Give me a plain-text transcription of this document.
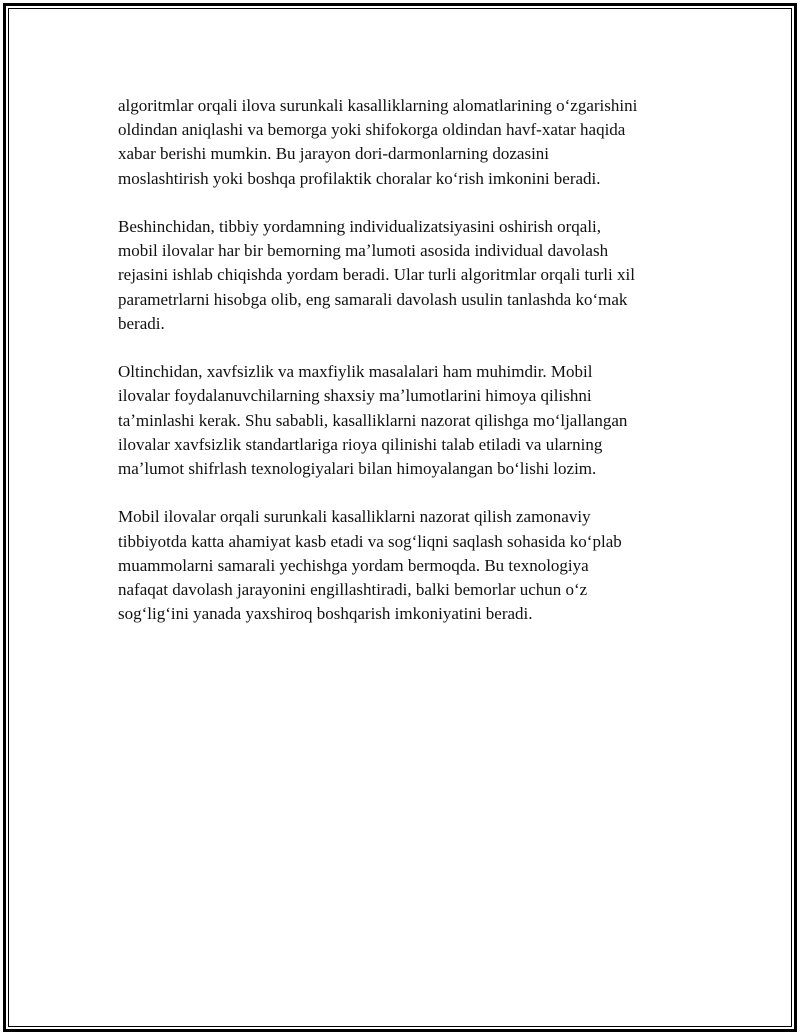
algoritmlar orqali ilova surunkali kasalliklarning alomatlarining oʻzgarishini
oldindan aniqlashi va bemorga yoki shifokorga oldindan havf-xatar haqida
xabar berishi mumkin. Bu jarayon dori-darmonlarning dozasini
moslashtirish yoki boshqa profilaktik choralar koʻrish imkonini beradi.

Beshinchidan, tibbiy yordamning individualizatsiyasini oshirish orqali,
mobil ilovalar har bir bemorning maʼlumoti asosida individual davolash
rejasini ishlab chiqishda yordam beradi. Ular turli algoritmlar orqali turli xil
parametrlarni hisobga olib, eng samarali davolash usulin tanlashda koʻmak
beradi.

Oltinchidan, xavfsizlik va maxfiylik masalalari ham muhimdir. Mobil
ilovalar foydalanuvchilarning shaxsiy maʼlumotlarini himoya qilishni
taʼminlashi kerak. Shu sababli, kasalliklarni nazorat qilishga moʻljallangan
ilovalar xavfsizlik standartlariga rioya qilinishi talab etiladi va ularning
maʼlumot shifrlash texnologiyalari bilan himoyalangan boʻlishi lozim.

Mobil ilovalar orqali surunkali kasalliklarni nazorat qilish zamonaviy
tibbiyotda katta ahamiyat kasb etadi va sogʻliqni saqlash sohasida koʻplab
muammolarni samarali yechishga yordam bermoqda. Bu texnologiya
nafaqat davolash jarayonini engillashtiradi, balki bemorlar uchun oʻz
sogʻligʻini yanada yaxshiroq boshqarish imkoniyatini beradi.
